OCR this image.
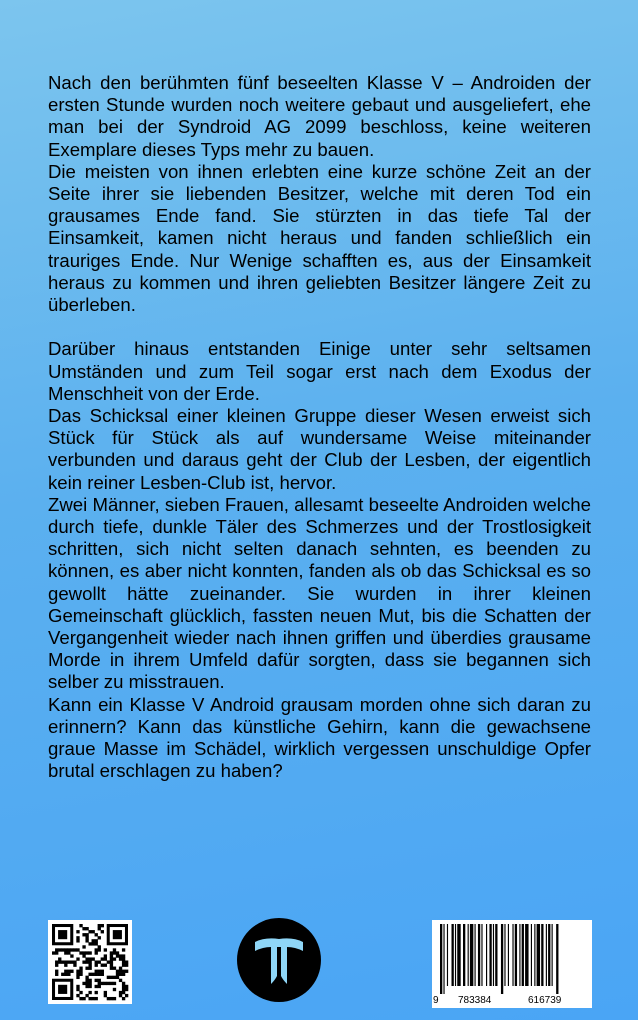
Nach den berühmten fünf beseelten Klasse V – Androiden der ersten Stunde wurden noch weitere gebaut und ausgeliefert, ehe man bei der Syndroid AG 2099 beschloss, keine weiteren Exemplare dieses Typs mehr zu bauen.

Die meisten von ihnen erlebten eine kurze schöne Zeit an der Seite ihrer sie liebenden Besitzer, welche mit deren Tod ein grausames Ende fand. Sie stürzten in das tiefe Tal der Einsamkeit, kamen nicht heraus und fanden schließlich ein trauriges Ende. Nur Wenige schafften es, aus der Einsamkeit heraus zu kommen und ihren geliebten Besitzer längere Zeit zu überleben.

Darüber hinaus entstanden Einige unter sehr seltsamen Umständen und zum Teil sogar erst nach dem Exodus der Menschheit von der Erde.

Das Schicksal einer kleinen Gruppe dieser Wesen erweist sich Stück für Stück als auf wundersame Weise miteinander verbunden und daraus geht der Club der Lesben, der eigentlich kein reiner Lesben-Club ist, hervor.

Zwei Männer, sieben Frauen, allesamt beseelte Androiden welche durch tiefe, dunkle Täler des Schmerzes und der Trostlosigkeit schritten, sich nicht selten danach sehnten, es beenden zu können, es aber nicht konnten, fanden als ob das Schicksal es so gewollt hätte zueinander. Sie wurden in ihrer kleinen Gemeinschaft glücklich, fassten neuen Mut, bis die Schatten der Vergangenheit wieder nach ihnen griffen und überdies grausame Morde in ihrem Umfeld dafür sorgten, dass sie begannen sich selber zu misstrauen.

Kann ein Klasse V Android grausam morden ohne sich daran zu erinnern? Kann das künstliche Gehirn, kann die gewachsene graue Masse im Schädel, wirklich vergessen unschuldige Opfer brutal erschlagen zu haben?

9 783384	616739
